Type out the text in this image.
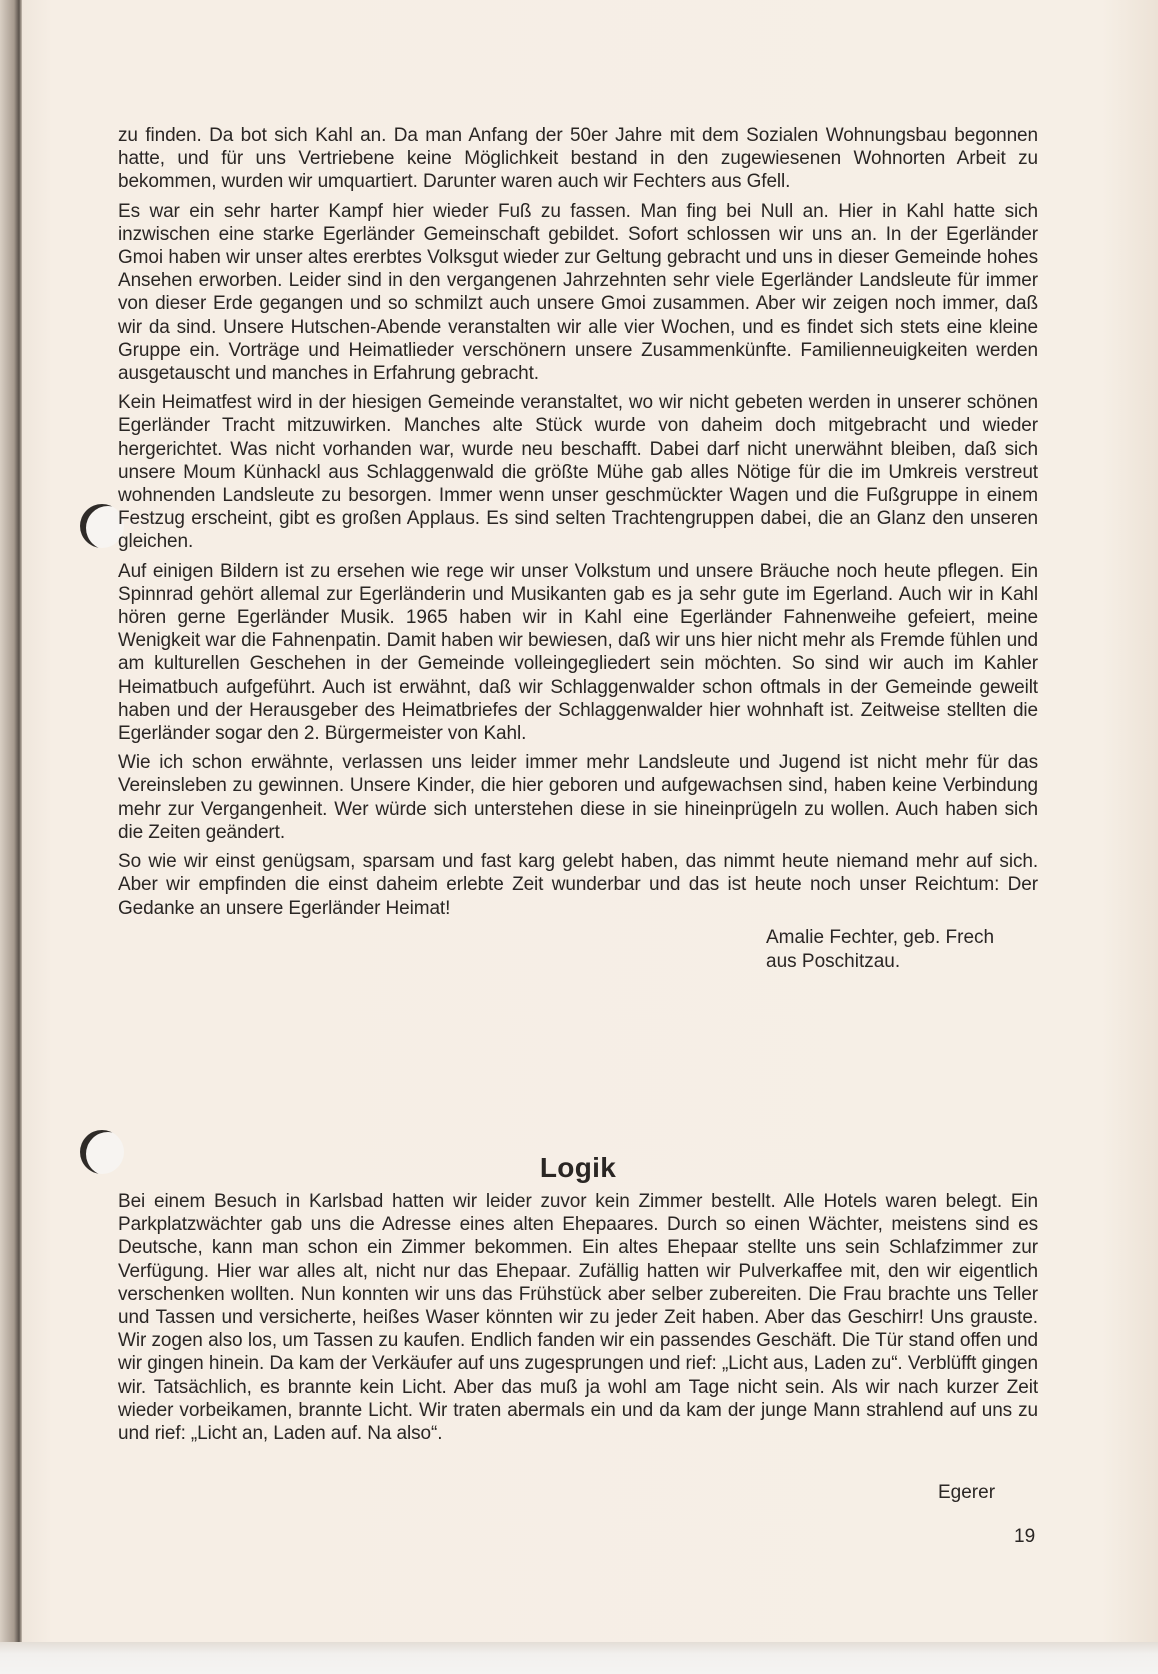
zu finden. Da bot sich Kahl an. Da man Anfang der 50er Jahre mit dem Sozialen Wohnungsbau begonnen hatte, und für uns Vertriebene keine Möglichkeit bestand in den zugewiesenen Wohnorten Arbeit zu bekommen, wurden wir umquartiert. Darunter waren auch wir Fechters aus Gfell.

Es war ein sehr harter Kampf hier wieder Fuß zu fassen. Man fing bei Null an. Hier in Kahl hatte sich inzwischen eine starke Egerländer Gemeinschaft gebildet. Sofort schlossen wir uns an. In der Egerländer Gmoi haben wir unser altes ererbtes Volksgut wieder zur Geltung gebracht und uns in dieser Gemeinde hohes Ansehen erworben. Leider sind in den vergangenen Jahrzehnten sehr viele Egerländer Landsleute für immer von dieser Erde gegangen und so schmilzt auch unsere Gmoi zusammen. Aber wir zeigen noch immer, daß wir da sind. Unsere Hutschen-Abende veranstalten wir alle vier Wochen, und es findet sich stets eine kleine Gruppe ein. Vorträge und Heimatlieder verschönern unsere Zusammenkünfte. Familienneuigkeiten werden ausgetauscht und manches in Erfahrung gebracht.

Kein Heimatfest wird in der hiesigen Gemeinde veranstaltet, wo wir nicht gebeten werden in unserer schönen Egerländer Tracht mitzuwirken. Manches alte Stück wurde von daheim doch mitgebracht und wieder hergerichtet. Was nicht vorhanden war, wurde neu beschafft. Dabei darf nicht unerwähnt bleiben, daß sich unsere Moum Künhackl aus Schlaggenwald die größte Mühe gab alles Nötige für die im Umkreis verstreut wohnenden Landsleute zu besorgen. Immer wenn unser geschmückter Wagen und die Fußgruppe in einem Festzug erscheint, gibt es großen Applaus. Es sind selten Trachtengruppen dabei, die an Glanz den unseren gleichen.

Auf einigen Bildern ist zu ersehen wie rege wir unser Volkstum und unsere Bräuche noch heute pflegen. Ein Spinnrad gehört allemal zur Egerländerin und Musikanten gab es ja sehr gute im Egerland. Auch wir in Kahl hören gerne Egerländer Musik. 1965 haben wir in Kahl eine Egerländer Fahnenweihe gefeiert, meine Wenigkeit war die Fahnenpatin. Damit haben wir bewiesen, daß wir uns hier nicht mehr als Fremde fühlen und am kulturellen Geschehen in der Gemeinde volleingegliedert sein möchten. So sind wir auch im Kahler Heimatbuch aufgeführt. Auch ist erwähnt, daß wir Schlaggenwalder schon oftmals in der Gemeinde geweilt haben und der Herausgeber des Heimatbriefes der Schlaggenwalder hier wohnhaft ist. Zeitweise stellten die Egerländer sogar den 2. Bürgermeister von Kahl.

Wie ich schon erwähnte, verlassen uns leider immer mehr Landsleute und Jugend ist nicht mehr für das Vereinsleben zu gewinnen. Unsere Kinder, die hier geboren und aufgewachsen sind, haben keine Verbindung mehr zur Vergangenheit. Wer würde sich unterstehen diese in sie hineinprügeln zu wollen. Auch haben sich die Zeiten geändert.

So wie wir einst genügsam, sparsam und fast karg gelebt haben, das nimmt heute niemand mehr auf sich. Aber wir empfinden die einst daheim erlebte Zeit wunderbar und das ist heute noch unser Reichtum: Der Gedanke an unsere Egerländer Heimat!

Amalie Fechter, geb. Frech
aus Poschitzau.
Logik

Bei einem Besuch in Karlsbad hatten wir leider zuvor kein Zimmer bestellt. Alle Hotels waren belegt. Ein Parkplatzwächter gab uns die Adresse eines alten Ehepaares. Durch so einen Wächter, meistens sind es Deutsche, kann man schon ein Zimmer bekommen. Ein altes Ehepaar stellte uns sein Schlafzimmer zur Verfügung. Hier war alles alt, nicht nur das Ehepaar. Zufällig hatten wir Pulverkaffee mit, den wir eigentlich verschenken wollten. Nun konnten wir uns das Frühstück aber selber zubereiten. Die Frau brachte uns Teller und Tassen und versicherte, heißes Waser könnten wir zu jeder Zeit haben. Aber das Geschirr! Uns grauste. Wir zogen also los, um Tassen zu kaufen. Endlich fanden wir ein passendes Geschäft. Die Tür stand offen und wir gingen hinein. Da kam der Verkäufer auf uns zugesprungen und rief: „Licht aus, Laden zu“. Verblüfft gingen wir. Tatsächlich, es brannte kein Licht. Aber das muß ja wohl am Tage nicht sein. Als wir nach kurzer Zeit wieder vorbeikamen, brannte Licht. Wir traten abermals ein und da kam der junge Mann strahlend auf uns zu und rief: „Licht an, Laden auf. Na also“.

Egerer
19
